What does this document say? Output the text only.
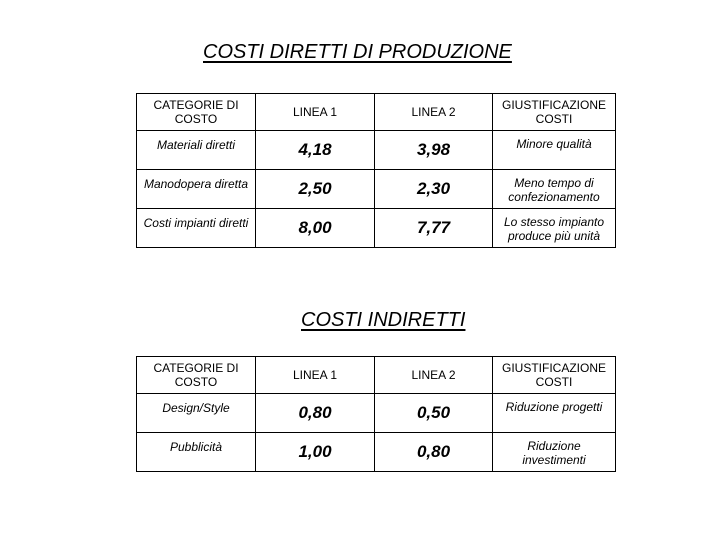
COSTI DIRETTI DI PRODUZIONE
CATEGORIE DI COSTO	LINEA 1	LINEA 2	GIUSTIFICAZIONE COSTI
Materiali diretti	4,18	3,98	Minore qualità
Manodopera diretta	2,50	2,30	Meno tempo di confezionamento
Costi impianti diretti	8,00	7,77	Lo stesso impianto produce più unità
COSTI INDIRETTI
CATEGORIE DI COSTO	LINEA 1	LINEA 2	GIUSTIFICAZIONE COSTI
Design/Style	0,80	0,50	Riduzione progetti
Pubblicità	1,00	0,80	Riduzione investimenti
